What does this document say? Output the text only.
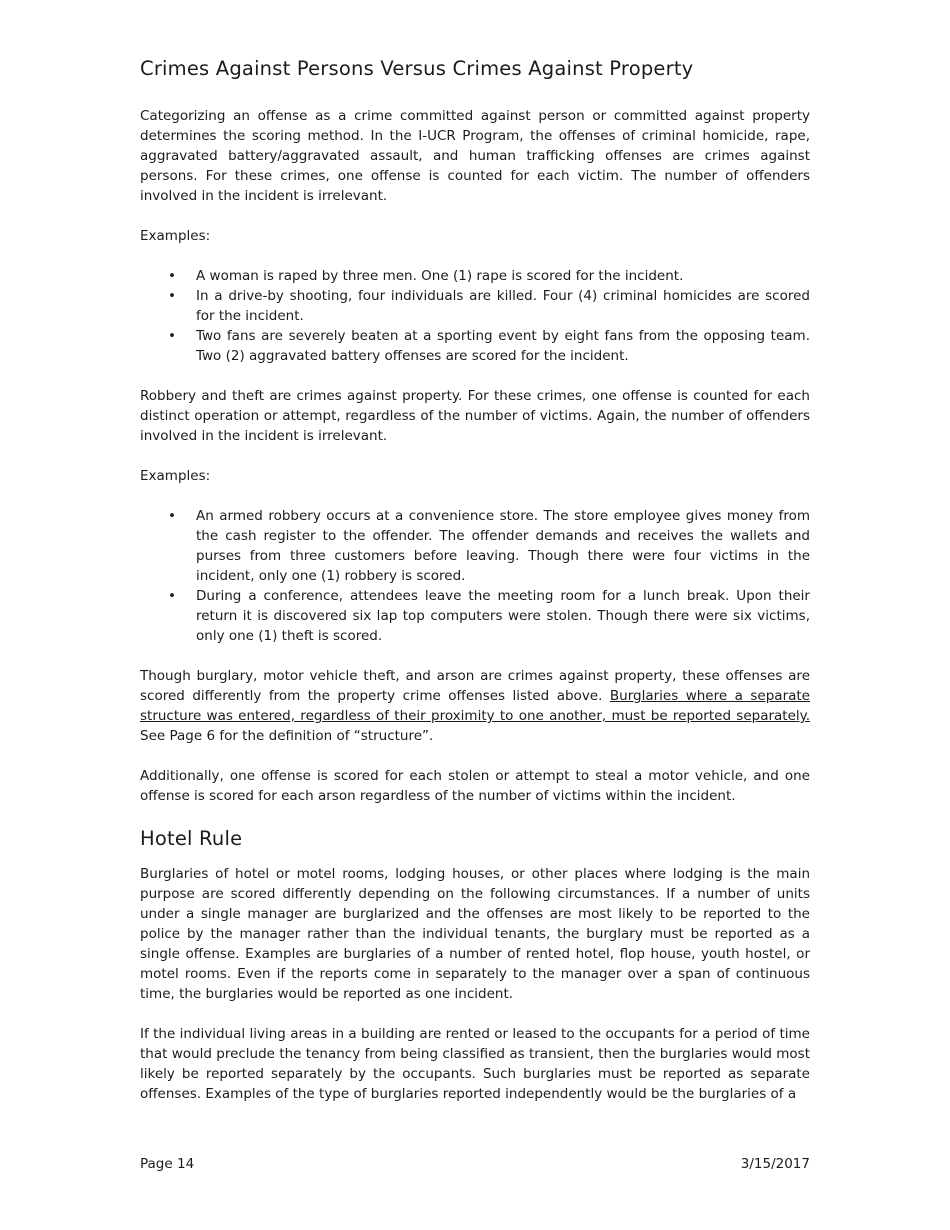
Crimes Against Persons Versus Crimes Against Property

Categorizing an offense as a crime committed against person or committed against property determines the scoring method. In the I-UCR Program, the offenses of criminal homicide, rape, aggravated battery/aggravated assault, and human trafficking offenses are crimes against persons. For these crimes, one offense is counted for each victim. The number of offenders involved in the incident is irrelevant.

Examples:

• A woman is raped by three men. One (1) rape is scored for the incident.
• In a drive-by shooting, four individuals are killed. Four (4) criminal homicides are scored for the incident.
• Two fans are severely beaten at a sporting event by eight fans from the opposing team. Two (2) aggravated battery offenses are scored for the incident.

Robbery and theft are crimes against property. For these crimes, one offense is counted for each distinct operation or attempt, regardless of the number of victims. Again, the number of offenders involved in the incident is irrelevant.

Examples:

• An armed robbery occurs at a convenience store. The store employee gives money from the cash register to the offender. The offender demands and receives the wallets and purses from three customers before leaving. Though there were four victims in the incident, only one (1) robbery is scored.
• During a conference, attendees leave the meeting room for a lunch break. Upon their return it is discovered six lap top computers were stolen. Though there were six victims, only one (1) theft is scored.

Though burglary, motor vehicle theft, and arson are crimes against property, these offenses are scored differently from the property crime offenses listed above. Burglaries where a separate structure was entered, regardless of their proximity to one another, must be reported separately. See Page 6 for the definition of “structure”.

Additionally, one offense is scored for each stolen or attempt to steal a motor vehicle, and one offense is scored for each arson regardless of the number of victims within the incident.

Hotel Rule

Burglaries of hotel or motel rooms, lodging houses, or other places where lodging is the main purpose are scored differently depending on the following circumstances. If a number of units under a single manager are burglarized and the offenses are most likely to be reported to the police by the manager rather than the individual tenants, the burglary must be reported as a single offense. Examples are burglaries of a number of rented hotel, flop house, youth hostel, or motel rooms. Even if the reports come in separately to the manager over a span of continuous time, the burglaries would be reported as one incident.

If the individual living areas in a building are rented or leased to the occupants for a period of time that would preclude the tenancy from being classified as transient, then the burglaries would most likely be reported separately by the occupants. Such burglaries must be reported as separate offenses. Examples of the type of burglaries reported independently would be the burglaries of a

Page 14	3/15/2017
